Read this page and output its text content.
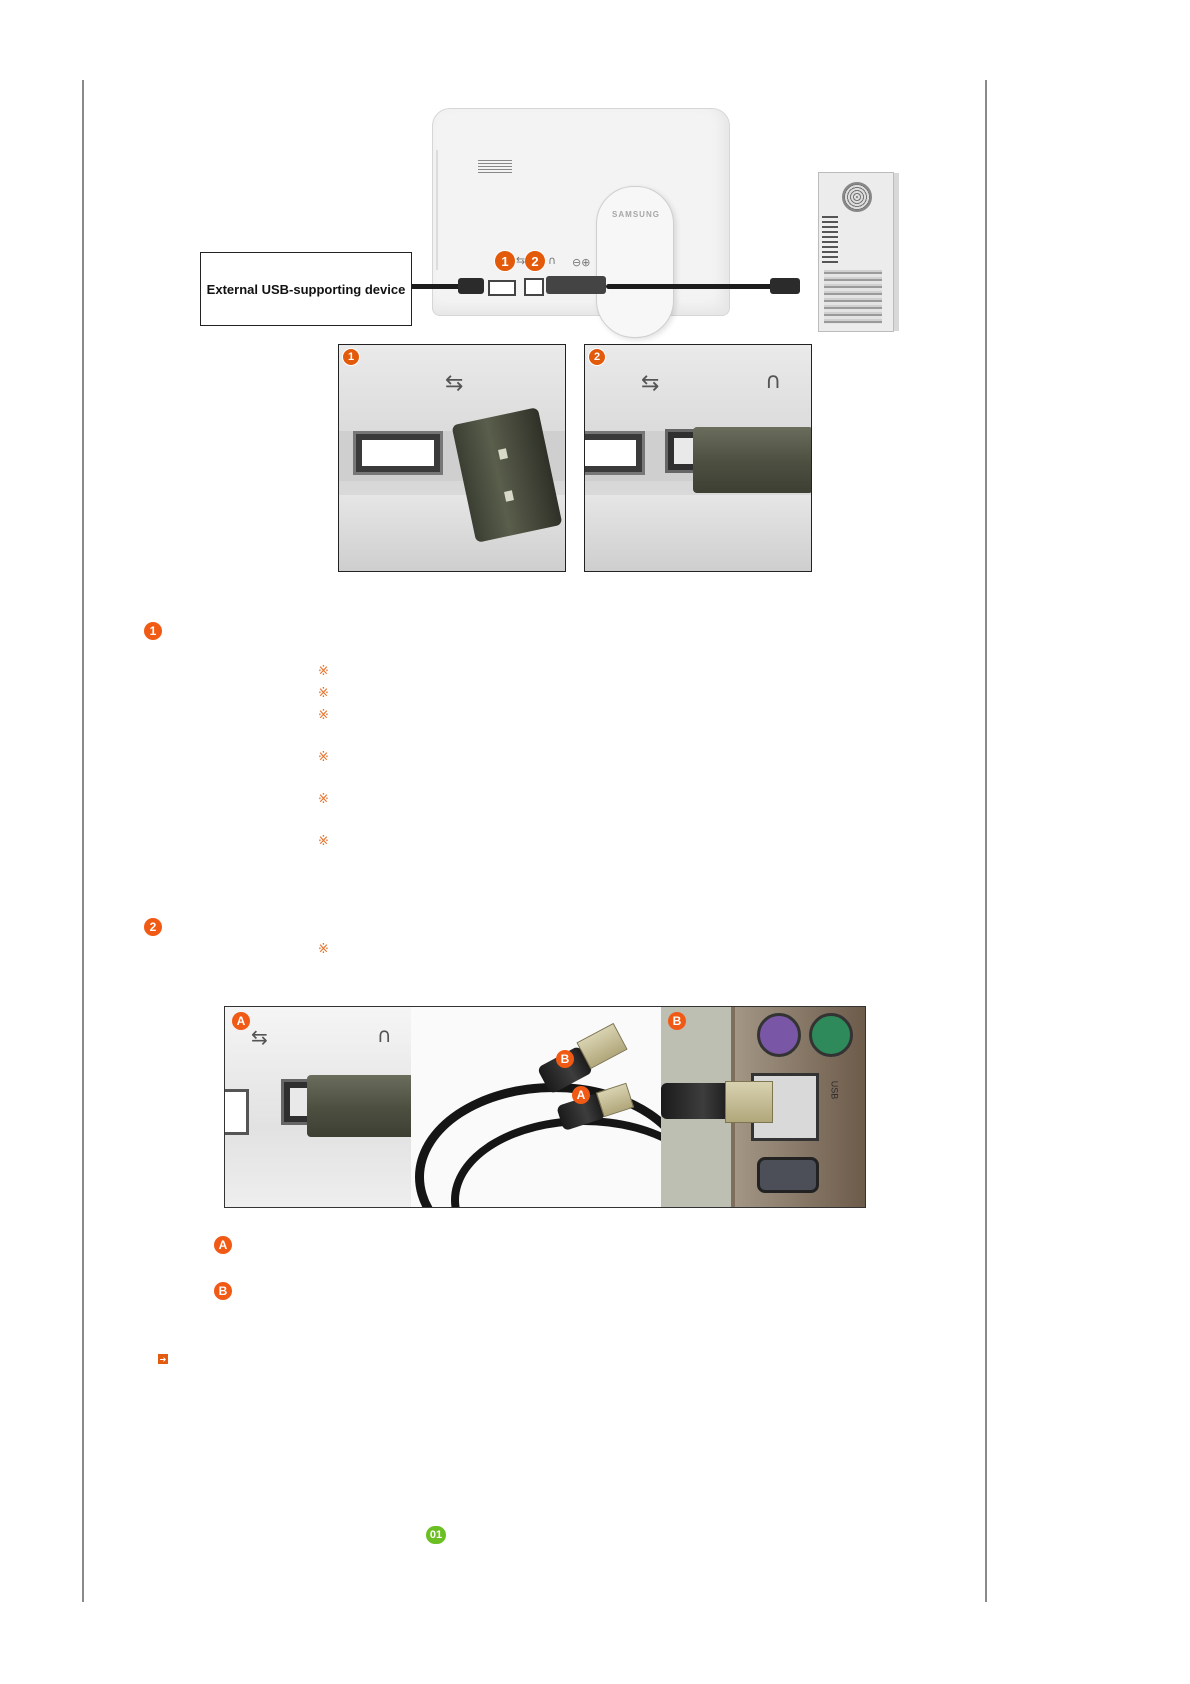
SAMSUNG
1	2
⇆ ∩ ⊖⊕
External USB-supporting device
⇆
1
⇆	∩
2
1
※
※
※
※
※
※
2
※
⇆	∩
USB
A
B
A
B
A
B
➔
01
